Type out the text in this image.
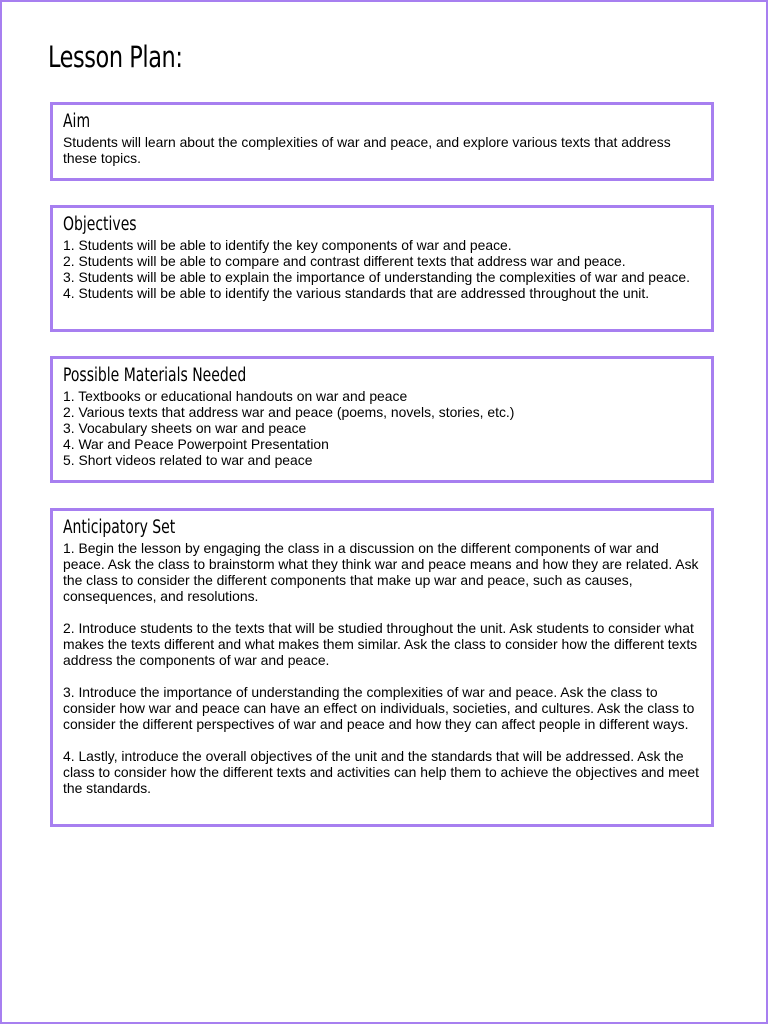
Lesson Plan:
Aim
Students will learn about the complexities of war and peace, and explore various texts that address these topics.
Objectives
1. Students will be able to identify the key components of war and peace.
2. Students will be able to compare and contrast different texts that address war and peace.
3. Students will be able to explain the importance of understanding the complexities of war and peace.
4. Students will be able to identify the various standards that are addressed throughout the unit.
Possible Materials Needed
1. Textbooks or educational handouts on war and peace
2. Various texts that address war and peace (poems, novels, stories, etc.)
3. Vocabulary sheets on war and peace
4. War and Peace Powerpoint Presentation
5. Short videos related to war and peace
Anticipatory Set
1. Begin the lesson by engaging the class in a discussion on the different components of war and peace. Ask the class to brainstorm what they think war and peace means and how they are related. Ask the class to consider the different components that make up war and peace, such as causes, consequences, and resolutions.
2. Introduce students to the texts that will be studied throughout the unit. Ask students to consider what makes the texts different and what makes them similar. Ask the class to consider how the different texts address the components of war and peace.
3. Introduce the importance of understanding the complexities of war and peace. Ask the class to consider how war and peace can have an effect on individuals, societies, and cultures. Ask the class to consider the different perspectives of war and peace and how they can affect people in different ways.
4. Lastly, introduce the overall objectives of the unit and the standards that will be addressed. Ask the class to consider how the different texts and activities can help them to achieve the objectives and meet the standards.
